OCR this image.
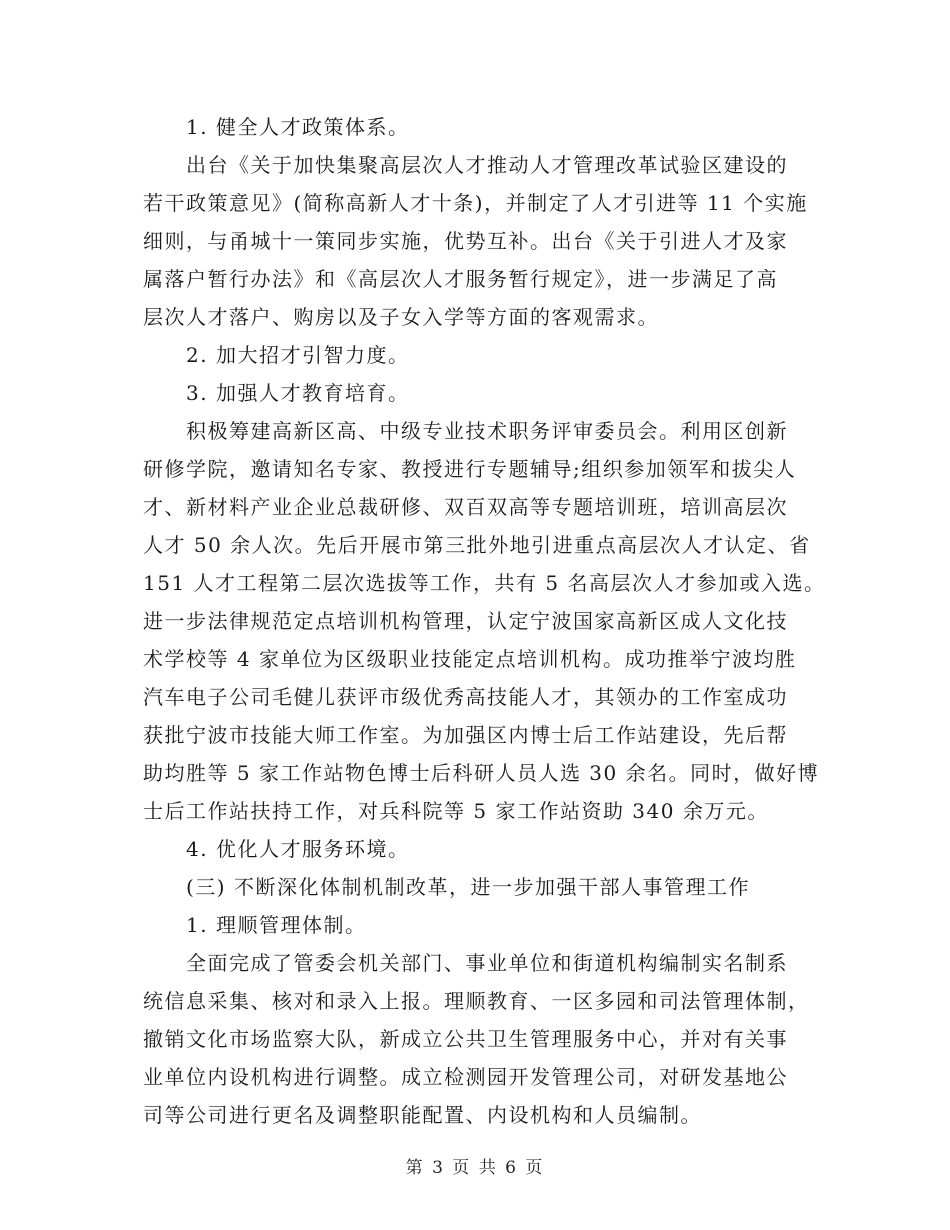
1. 健全人才政策体系。
出台《关于加快集聚高层次人才推动人才管理改革试验区建设的
若干政策意见》(简称高新人才十条)，并制定了人才引进等 11 个实施
细则，与甬城十一策同步实施，优势互补。出台《关于引进人才及家
属落户暂行办法》和《高层次人才服务暂行规定》，进一步满足了高
层次人才落户、购房以及子女入学等方面的客观需求。
2. 加大招才引智力度。
3. 加强人才教育培育。
积极筹建高新区高、中级专业技术职务评审委员会。利用区创新
研修学院，邀请知名专家、教授进行专题辅导;组织参加领军和拔尖人
才、新材料产业企业总裁研修、双百双高等专题培训班，培训高层次
人才 50 余人次。先后开展市第三批外地引进重点高层次人才认定、省
151 人才工程第二层次选拔等工作，共有 5 名高层次人才参加或入选。
进一步法律规范定点培训机构管理，认定宁波国家高新区成人文化技
术学校等 4 家单位为区级职业技能定点培训机构。成功推举宁波均胜
汽车电子公司毛健儿获评市级优秀高技能人才，其领办的工作室成功
获批宁波市技能大师工作室。为加强区内博士后工作站建设，先后帮
助均胜等 5 家工作站物色博士后科研人员人选 30 余名。同时，做好博
士后工作站扶持工作，对兵科院等 5 家工作站资助 340 余万元。
4. 优化人才服务环境。
(三) 不断深化体制机制改革，进一步加强干部人事管理工作
1. 理顺管理体制。
全面完成了管委会机关部门、事业单位和街道机构编制实名制系
统信息采集、核对和录入上报。理顺教育、一区多园和司法管理体制，
撤销文化市场监察大队，新成立公共卫生管理服务中心，并对有关事
业单位内设机构进行调整。成立检测园开发管理公司，对研发基地公
司等公司进行更名及调整职能配置、内设机构和人员编制。
第 3 页 共 6 页
